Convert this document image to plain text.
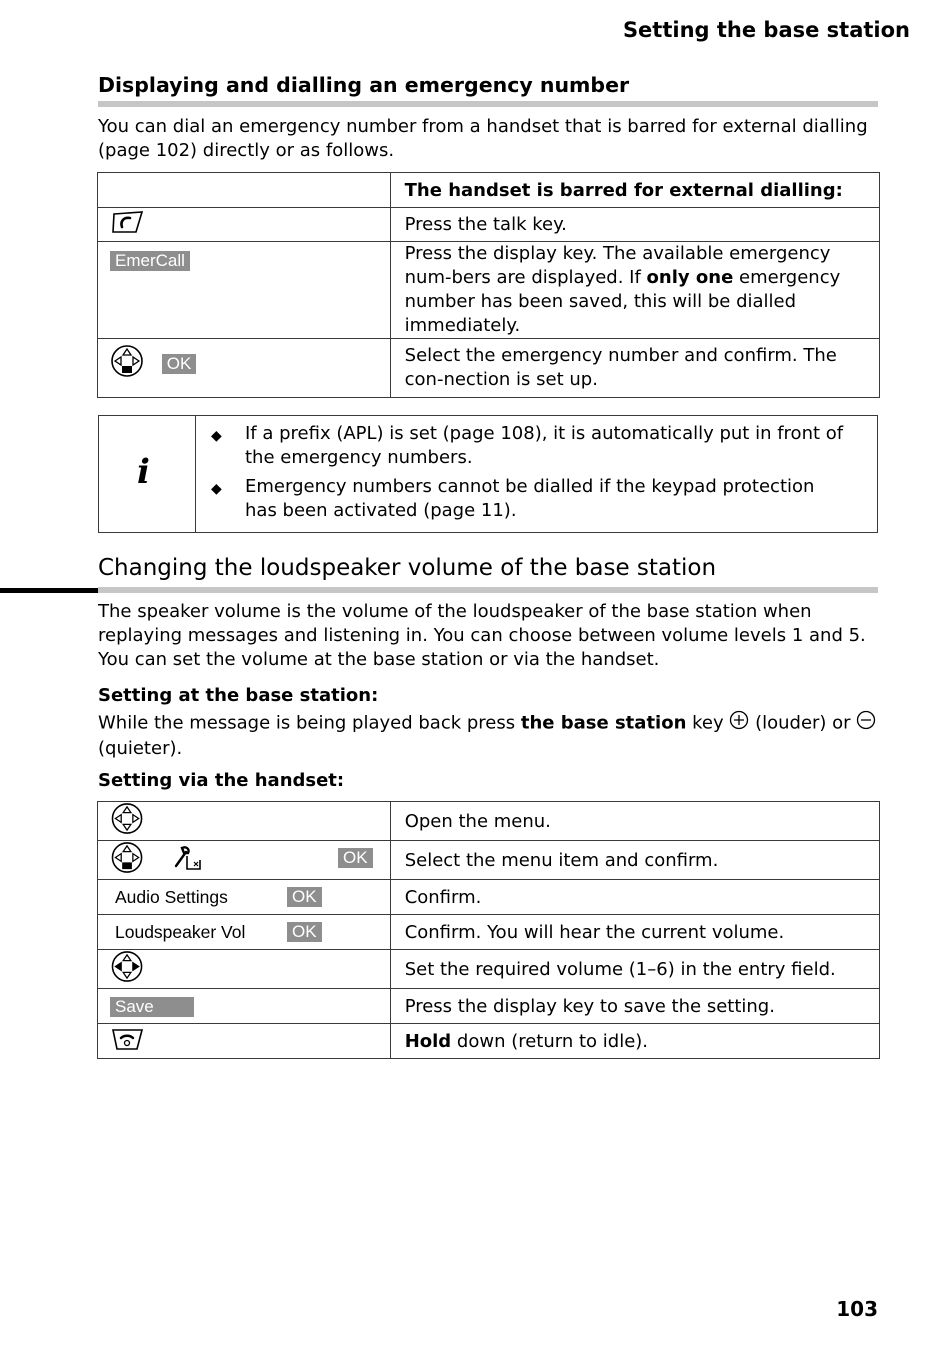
Setting the base station
Displaying and dialling an emergency number
You can dial an emergency number from a handset that is barred for external dialling (page 102) directly or as follows.
	The handset is barred for external dialling:
	Press the talk key.
EmerCall	Press the display key. The available emergency num-bers are displayed. If only one emergency number has been saved, this will be dialled immediately.
OK	Select the emergency number and confirm. The con-nection is set up.
i
◆ If a prefix (APL) is set (page 108), it is automatically put in front of the emergency numbers.
◆ Emergency numbers cannot be dialled if the keypad protection has been activated (page 11).
Changing the loudspeaker volume of the base station
The speaker volume is the volume of the loudspeaker of the base station when replaying messages and listening in. You can choose between volume levels 1 and 5. You can set the volume at the base station or via the handset.
Setting at the base station:
While the message is being played back press the base station key  (louder) or  (quieter).
Setting via the handset:
	Open the menu.

OK	Select the menu item and confirm.
Audio Settings OK	Confirm.
Loudspeaker Vol OK	Confirm. You will hear the current volume.
	Set the required volume (1–6) in the entry field.
Save	Press the display key to save the setting.
	Hold down (return to idle).
103
